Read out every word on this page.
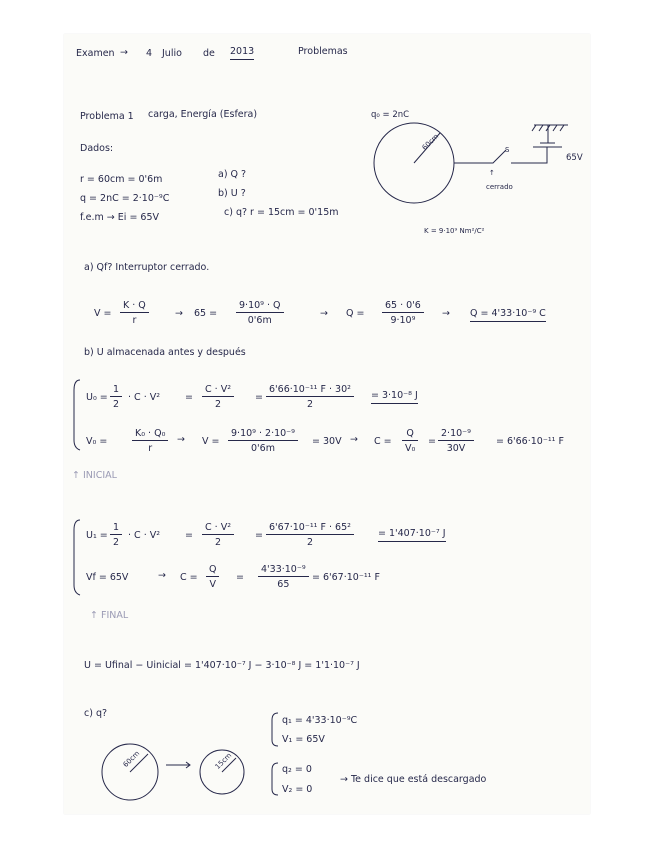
Examen → 4 Julio de 2013	Problemas
Problema 1 carga, Energía (Esfera)
Dados:
r = 60cm = 0'6m
q = 2nC = 2·10⁻⁹C
f.e.m → Ei = 65V
a) Q ?
b) U ?
c) q? r = 15cm = 0'15m
q₀ = 2nC
60cm	S
65V
↑
cerrado
K = 9·10⁹ Nm²/C²
a) Qf? Interruptor cerrado.
$V = \frac{K \cdot Q}{r}$	→ $65 = \frac{\text{9·10⁹ · Q}}{0'6m}$	→ $Q = \frac{65 \cdot 0'6}{\text{9·10⁹}} \to Q = 4'33\cdot 10^{-9}$ C
b) U almacenada antes y después
$U_0 = \frac{1}{2} \cdot C \cdot V^2$	= $\frac{\text{C · V²}}{2} = \frac{\text{6'66·10⁻¹¹ F · 30²}}{2} = 3\cdot 10^{-8}$ J
V₀ =	$\frac{\text{K₀ · Q₀}}{r} \to V = \frac{\text{9·10⁹ · 2·10⁻⁹}}{0'6m} = 30V \to C = \frac{Q}{\text{V₀}} = \frac{\text{2·10⁻⁹}}{30V} = 6'66\cdot 10^{-11}$ F
↑ INICIAL
$U_1 = \frac{1}{2} \cdot C \cdot V^2$	= $\frac{\text{C · V²}}{2} = \frac{\text{6'67·10⁻¹¹ F · 65²}}{2}$	= 1'407·10⁻⁷ J
Vf = 65V	→ $C = \frac{Q}{V} = \frac{\text{4'33·10⁻⁹}}{65} = 6'67\cdot 10^{-11}$ F
↑ FINAL
U = Ufinal − Uinicial = 1'407·10⁻⁷ J − 3·10⁻⁸ J = 1'1·10⁻⁷ J
c) q?
q₁ = 4'33·10⁻⁹C
V₁ = 65V
q₂ = 0
V₂ = 0
→ Te dice que está descargado
60cm	15cm
